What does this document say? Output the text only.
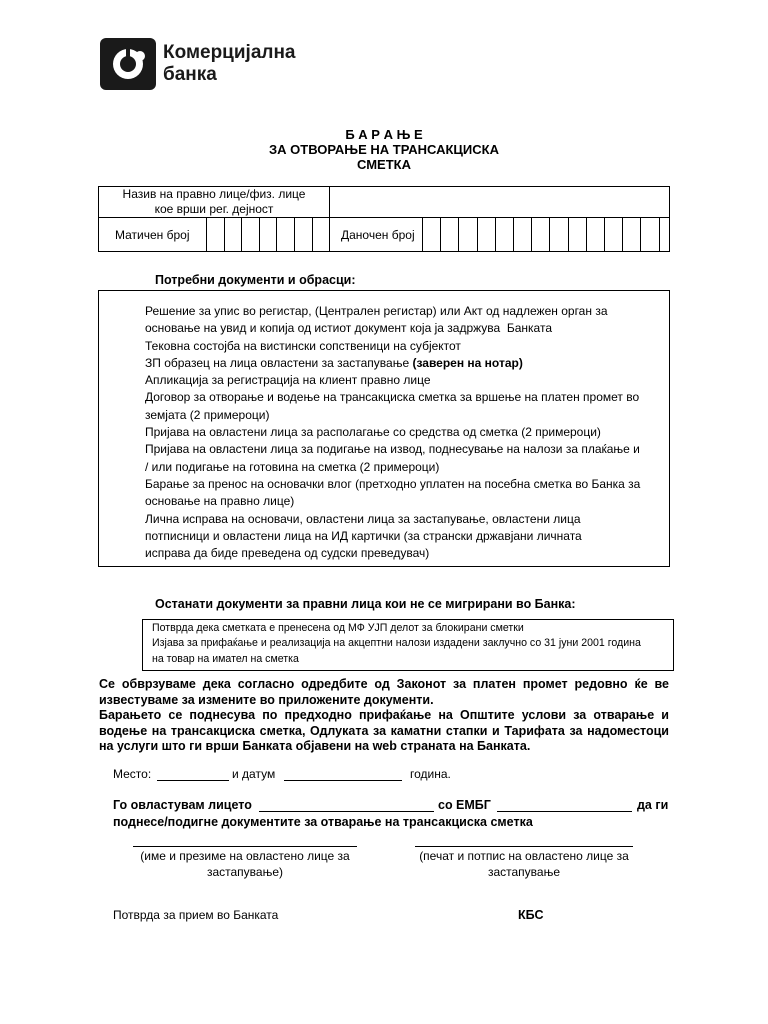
Комерцијална
банка
Б А Р А Њ Е
ЗА ОТВОРАЊЕ НА ТРАНСАКЦИСКА
СМЕТКА
Назив на правно лице/физ. лице
кое врши рег. дејност
Матичен број	Даночен број
Потребни документи и обрасци:
Решение за упис во регистар, (Централен регистар) или Акт од надлежен орган за
основање на увид и копија од истиот документ која ја задржува  Банката
Тековна состојба на вистински сопственици на субјектот
ЗП образец на лица овластени за застапување (заверен на нотар)
Апликација за регистрација на клиент правно лице
Договор за отворање и водење на трансакциска сметка за вршење на платен промет во
земјата (2 примероци)
Пријава на овластени лица за располагање со средства од сметка (2 примероци)
Пријава на овластени лица за подигање на извод, поднесување на налози за плаќање и
/ или подигање на готовина на сметка (2 примероци)
Барање за пренос на основачки влог (претходно уплатен на посебна сметка во Банка за
основање на правно лице)
Лична исправа на основачи, овластени лица за застапување, овластени лица
потписници и овластени лица на ИД картички (за странски државјани личната
исправа да биде преведена од судски преведувач)
Останати документи за правни лица кои не се мигрирани во Банка:
Потврда дека сметката е пренесена од МФ УЈП делот за блокирани сметки
Изјава за прифаќање и реализација на акцептни налози издадени заклучно со 31 јуни 2001 година
на товар на имател на сметка

Се обврзуваме дека согласно одредбите од Законот за платен промет редовно ќе ве известуваме за измените во приложените документи.

Барањето се поднесува по предходно прифаќање на Општите услови за отварање и водење на трансакциска сметка, Одлуката за каматни стапки и Тарифата за надоместоци на услуги што ги врши Банката објавени на web страната на Банката.

Место:	и датум	година.
Го овластувам лицето	со ЕМБГ	да ги
поднесе/подигне документите за отварање на трансакциска сметка
(име и презиме на овластено лице за
застапување)
(печат и потпис на овластено лице за
застапување
Потврда за прием во Банката	КБС
